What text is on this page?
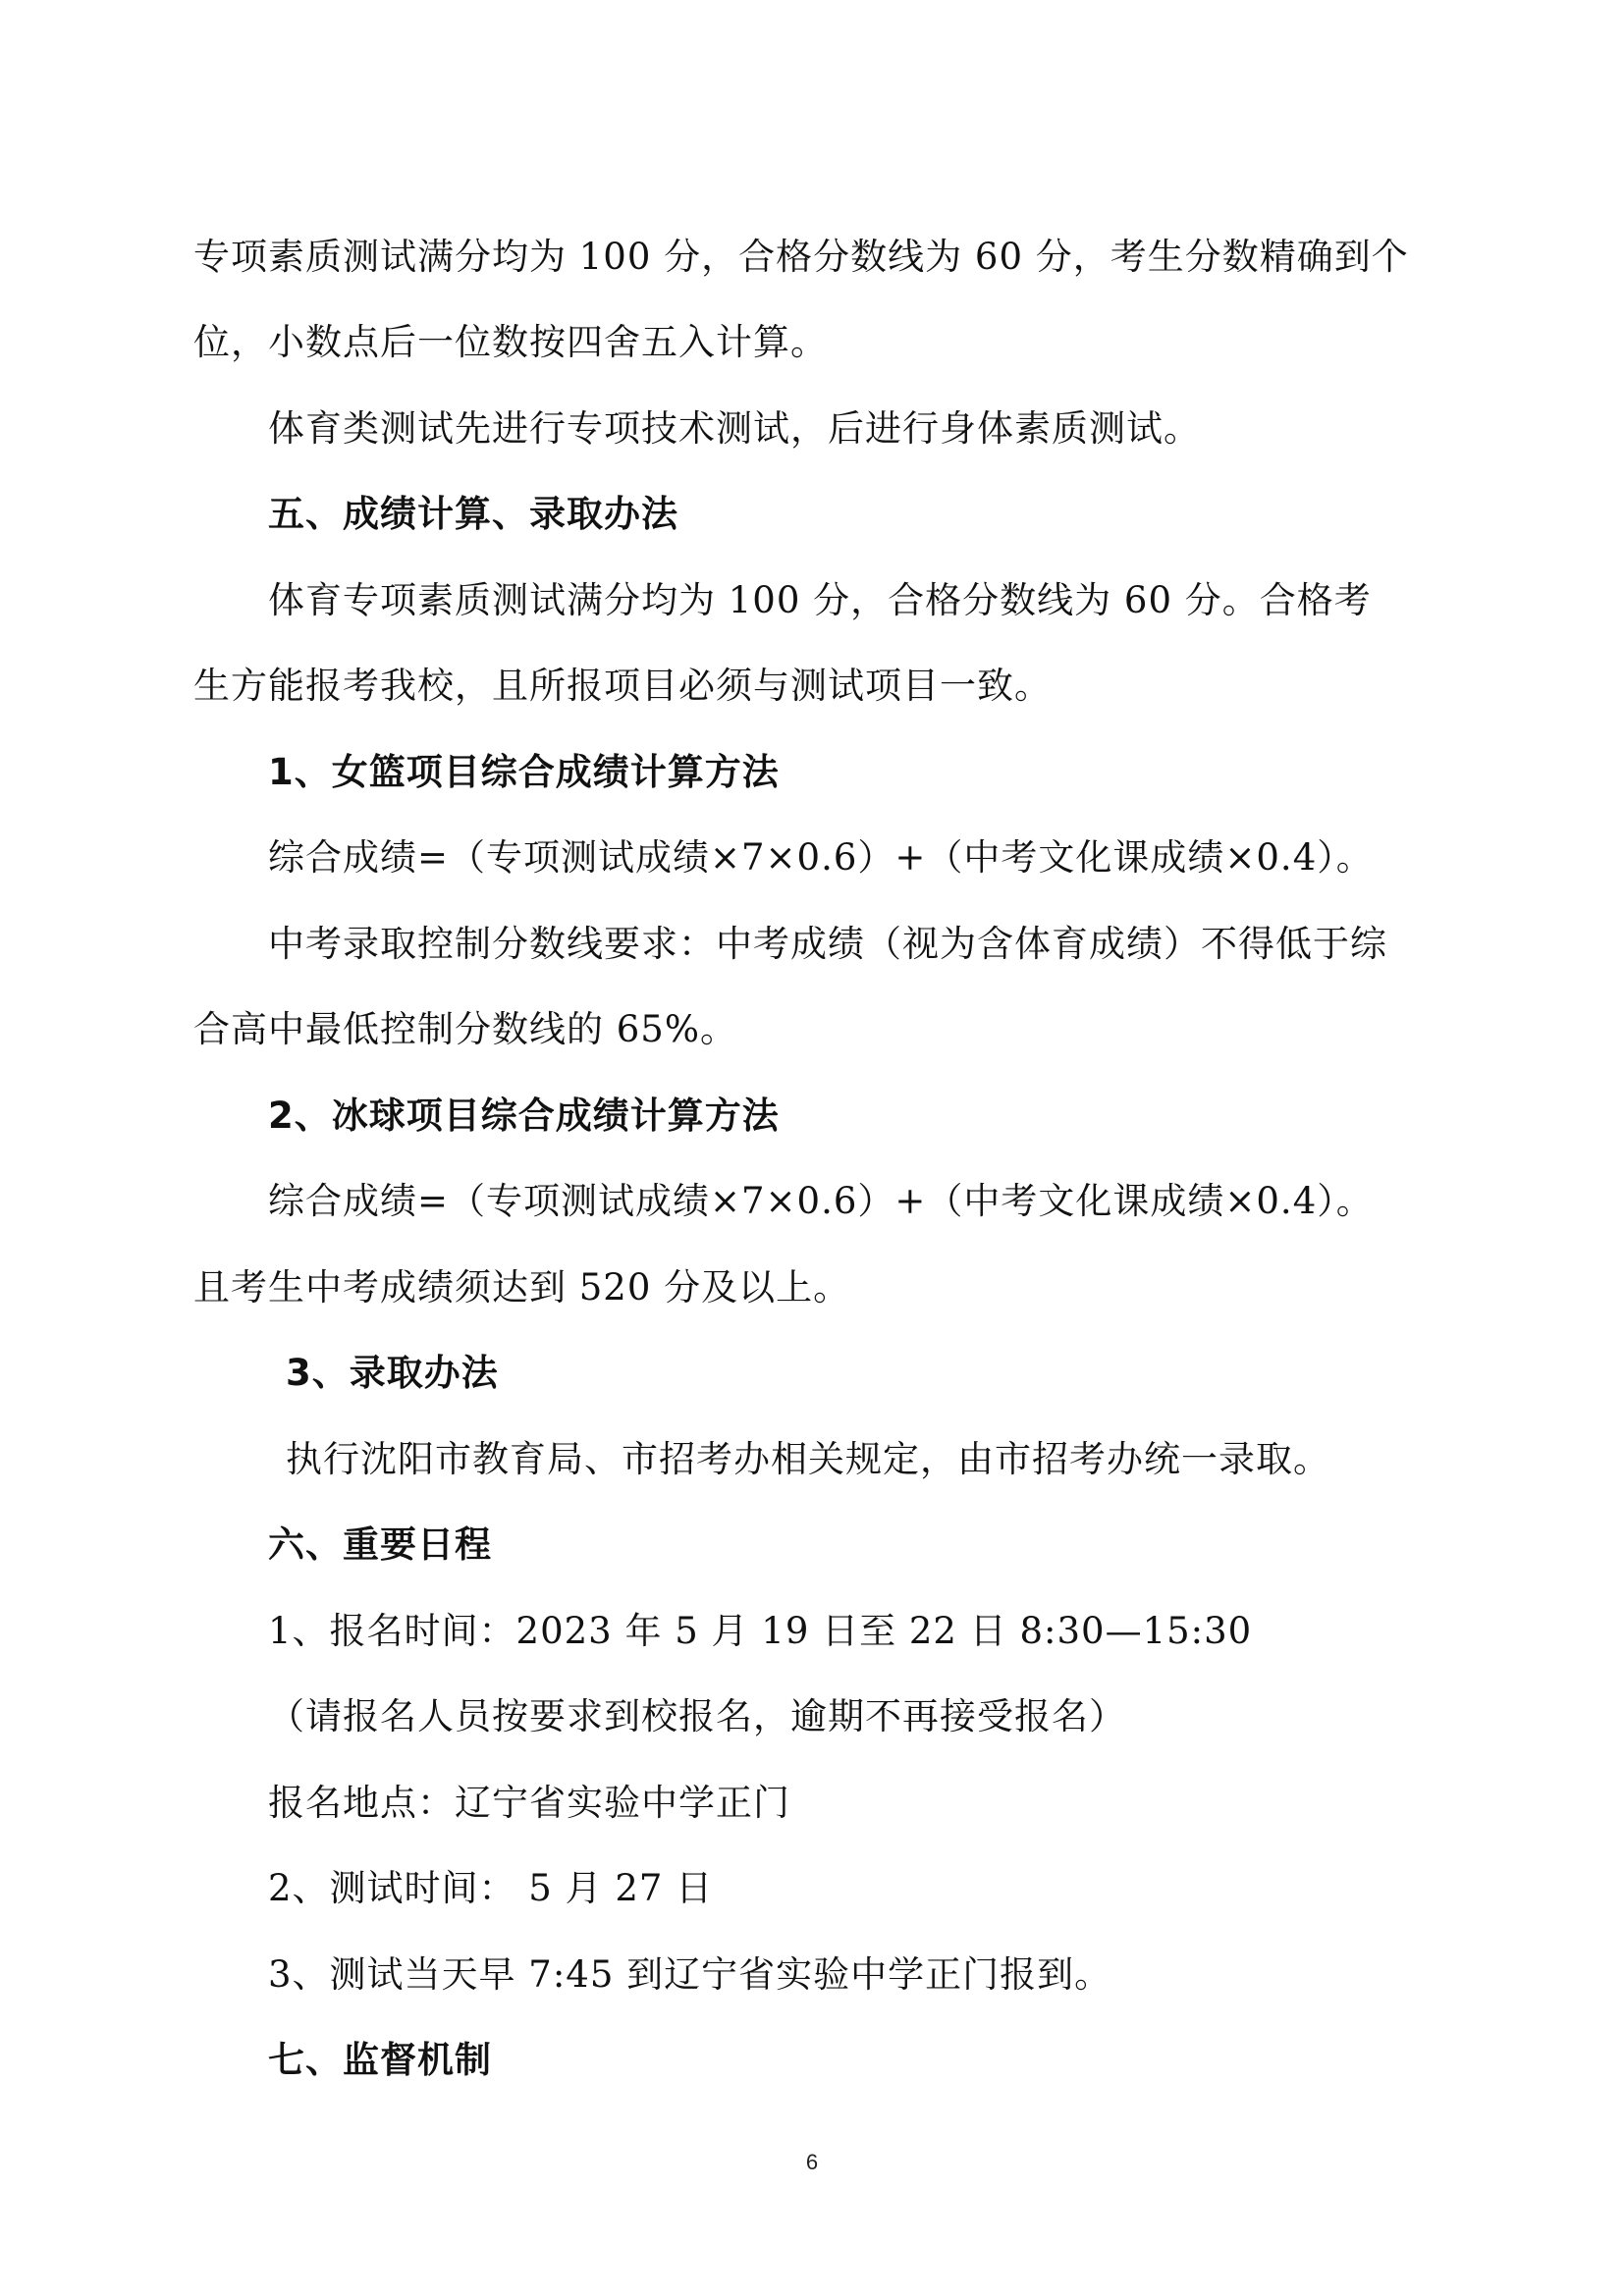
专项素质测试满分均为 100 分，合格分数线为 60 分，考生分数精确到个
位，小数点后一位数按四舍五入计算。
体育类测试先进行专项技术测试，后进行身体素质测试。
五、成绩计算、录取办法
体育专项素质测试满分均为 100 分，合格分数线为 60 分。合格考
生方能报考我校，且所报项目必须与测试项目一致。
1、女篮项目综合成绩计算方法
综合成绩=（专项测试成绩×7×0.6）+（中考文化课成绩×0.4）。
中考录取控制分数线要求：中考成绩（视为含体育成绩）不得低于综
合高中最低控制分数线的 65%。
2、冰球项目综合成绩计算方法
综合成绩=（专项测试成绩×7×0.6）+（中考文化课成绩×0.4）。
且考生中考成绩须达到 520 分及以上。
3、录取办法
执行沈阳市教育局、市招考办相关规定，由市招考办统一录取。
六、重要日程
1、报名时间：2023 年 5 月 19 日至 22 日 8:30—15:30
（请报名人员按要求到校报名，逾期不再接受报名）
报名地点：辽宁省实验中学正门
2、测试时间： 5 月 27 日
3、测试当天早 7:45 到辽宁省实验中学正门报到。
七、监督机制
6
